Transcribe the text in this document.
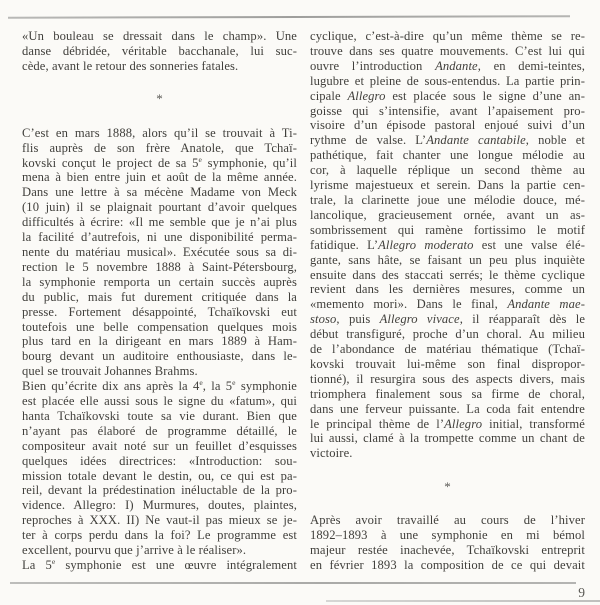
«Un bouleau se dressait dans le champ». Une
danse débridée, véritable bacchanale, lui suc-
cède, avant le retour des sonneries fatales.
*
C’est en mars 1888, alors qu’il se trouvait à Ti-
flis auprès de son frère Anatole, que Tchaï-
kovski conçut le project de sa 5e symphonie, qu’il
mena à bien entre juin et août de la même année.
Dans une lettre à sa mécène Madame von Meck
(10 juin) il se plaignait pourtant d’avoir quelques
difficultés à écrire: «Il me semble que je n’ai plus
la facilité d’autrefois, ni une disponibilité perma-
nente du matériau musical». Exécutée sous sa di-
rection le 5 novembre 1888 à Saint-Pétersbourg,
la symphonie remporta un certain succès auprès
du public, mais fut durement critiquée dans la
presse. Fortement désappointé, Tchaïkovski eut
toutefois une belle compensation quelques mois
plus tard en la dirigeant en mars 1889 à Ham-
bourg devant un auditoire enthousiaste, dans le-
quel se trouvait Johannes Brahms.
Bien qu’écrite dix ans après la 4e, la 5e symphonie
est placée elle aussi sous le signe du «fatum», qui
hanta Tchaïkovski toute sa vie durant. Bien que
n’ayant pas élaboré de programme détaillé, le
compositeur avait noté sur un feuillet d’esquisses
quelques idées directrices: «Introduction: sou-
mission totale devant le destin, ou, ce qui est pa-
reil, devant la prédestination inéluctable de la pro-
vidence. Allegro: I) Murmures, doutes, plaintes,
reproches à XXX. II) Ne vaut-il pas mieux se je-
ter à corps perdu dans la foi? Le programme est
excellent, pourvu que j’arrive à le réaliser».
La 5e symphonie est une œuvre intégralement
cyclique, c’est-à-dire qu’un même thème se re-
trouve dans ses quatre mouvements. C’est lui qui
ouvre l’introduction Andante, en demi-teintes,
lugubre et pleine de sous-entendus. La partie prin-
cipale Allegro est placée sous le signe d’une an-
goisse qui s’intensifie, avant l’apaisement pro-
visoire d’un épisode pastoral enjoué suivi d’un
rythme de valse. L’Andante cantabile, noble et
pathétique, fait chanter une longue mélodie au
cor, à laquelle réplique un second thème au
lyrisme majestueux et serein. Dans la partie cen-
trale, la clarinette joue une mélodie douce, mé-
lancolique, gracieusement ornée, avant un as-
sombrissement qui ramène fortissimo le motif
fatidique. L’Allegro moderato est une valse élé-
gante, sans hâte, se faisant un peu plus inquiète
ensuite dans des staccati serrés; le thème cyclique
revient dans les dernières mesures, comme un
«memento mori». Dans le final, Andante mae-
stoso, puis Allegro vivace, il réapparaît dès le
début transfiguré, proche d’un choral. Au milieu
de l’abondance de matériau thématique (Tchaï-
kovski trouvait lui-même son final dispropor-
tionné), il resurgira sous des aspects divers, mais
triomphera finalement sous sa firme de choral,
dans une ferveur puissante. La coda fait entendre
le principal thème de l’Allegro initial, transformé
lui aussi, clamé à la trompette comme un chant de
victoire.
*
Après avoir travaillé au cours de l’hiver
1892–1893 à une symphonie en mi bémol
majeur restée inachevée, Tchaïkovski entreprit
en février 1893 la composition de ce qui devait
9
